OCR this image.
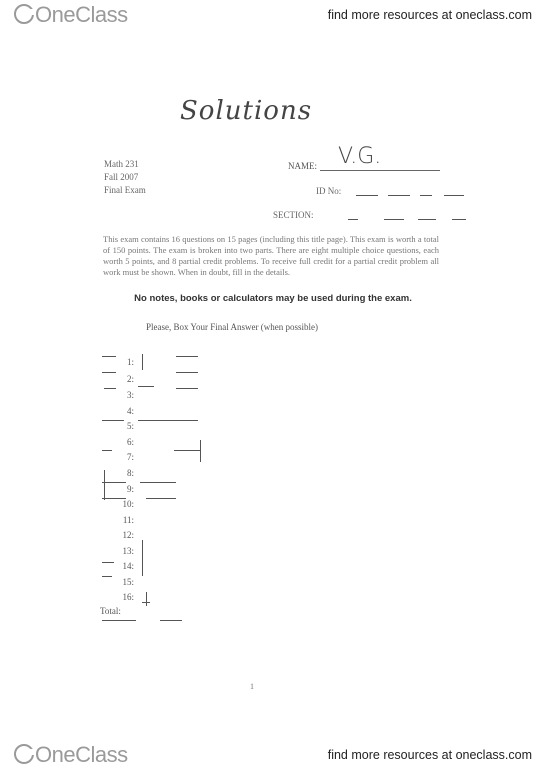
OneClass	find more resources at oneclass.com
Solutions
Math 231
Fall 2007
Final Exam
NAME: V.G.
ID No:
SECTION:
This exam contains 16 questions on 15 pages (including this title page). This exam is worth a total of 150 points. The exam is broken into two parts. There are eight multiple choice questions, each worth 5 points, and 8 partial credit problems. To receive full credit for a partial credit problem all work must be shown. When in doubt, fill in the details.
No notes, books or calculators may be used during the exam.
Please, Box Your Final Answer (when possible)
1:
2:
3:
4:
5:
6:
7:
8:
9:
10:
11:
12:
13:
14:
15:
16:
Total:
1
OneClass	find more resources at oneclass.com
